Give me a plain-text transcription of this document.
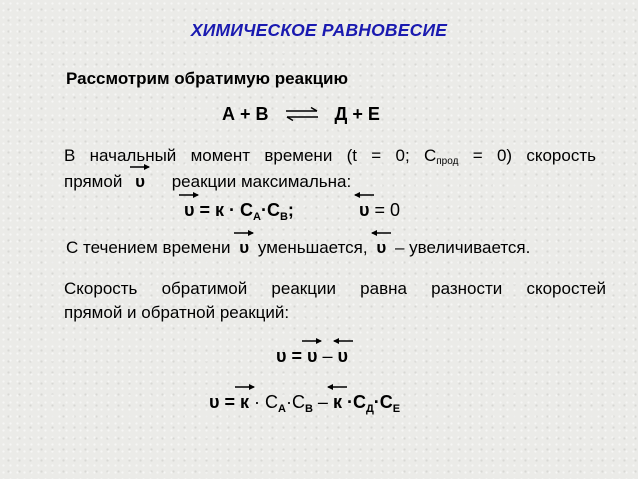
ХИМИЧЕСКОЕ РАВНОВЕСИЕ
Рассмотрим обратимую реакцию
А + В ⇌ Д + Е
В начальный момент времени (t = 0; $С_{прод} = 0$) скорость
прямой υ реакции максимальна:
$\upsilon = к \cdot С_A\cdot С_B$;	υ = 0
С течением времени υ уменьшается, υ – увеличивается.
Скорость обратимой реакции равна разности скоростей
прямой и обратной реакций:
υ =
υ –
υ
υ =
$к \cdot С_A\cdot С_B$ –
$к \cdot С_Д\cdot С_Е$
